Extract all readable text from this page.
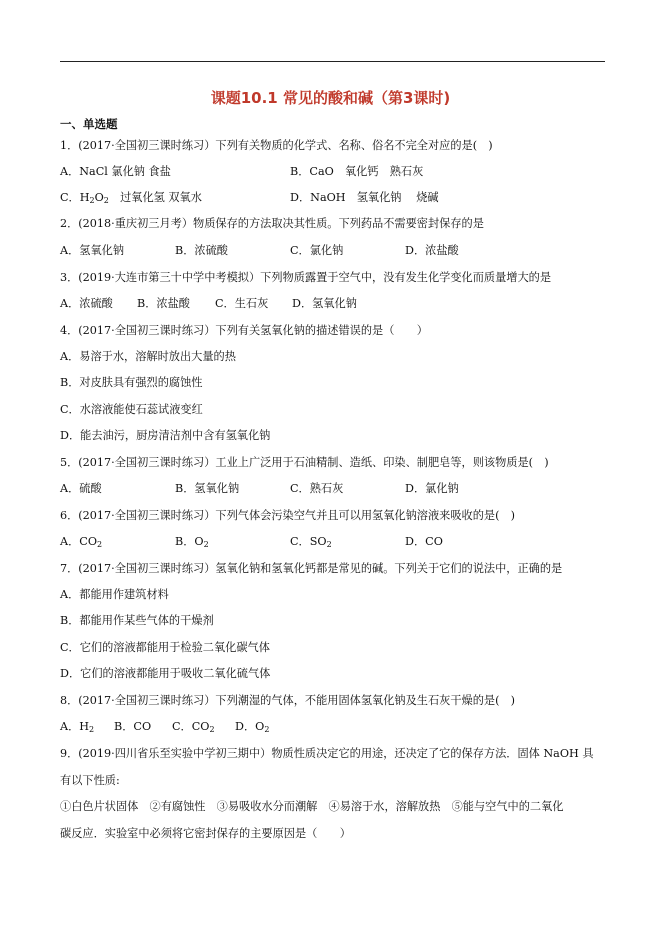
课题10.1 常见的酸和碱（第3课时)
一、单选题
1．(2017·全国初三课时练习）下列有关物质的化学式、名称、俗名不完全对应的是(　)
A．NaCl 氯化钠 食盐	B．CaO　氧化钙　熟石灰
C．$H_2O_2$　过氧化氢 双氧水	D．NaOH　氢氧化钠　 烧碱
2．(2018·重庆初三月考）物质保存的方法取决其性质。下列药品不需要密封保存的是
A．氢氧化钠	B．浓硫酸	C．氯化钠	D．浓盐酸
3．(2019·大连市第三十中学中考模拟）下列物质露置于空气中，没有发生化学变化而质量增大的是
A．浓硫酸 B．浓盐酸 C．生石灰 D．氢氧化钠
4．(2017·全国初三课时练习）下列有关氢氧化钠的描述错误的是（　　）
A．易溶于水，溶解时放出大量的热
B．对皮肤具有强烈的腐蚀性
C．水溶液能使石蕊试液变红
D．能去油污，厨房清洁剂中含有氢氧化钠
5．(2017·全国初三课时练习）工业上广泛用于石油精制、造纸、印染、制肥皂等，则该物质是(　)
A．硫酸	B．氢氧化钠	C．熟石灰	D．氯化钠
6．(2017·全国初三课时练习）下列气体会污染空气并且可以用氢氧化钠溶液来吸收的是(　)
A．$CO_2$	B．$O_2$	C．$SO_2$	D．CO
7．(2017·全国初三课时练习）氢氧化钠和氢氧化钙都是常见的碱。下列关于它们的说法中，正确的是
A．都能用作建筑材料
B．都能用作某些气体的干燥剂
C．它们的溶液都能用于检验二氧化碳气体
D．它们的溶液都能用于吸收二氧化硫气体
8．(2017·全国初三课时练习）下列潮湿的气体，不能用固体氢氧化钠及生石灰干燥的是(　)
A．$H_2$ B．CO C．$CO_2$ D．$O_2$
9．(2019·四川省乐至实验中学初三期中）物质性质决定它的用途，还决定了它的保存方法．固体 NaOH 具
有以下性质:
①白色片状固体　②有腐蚀性　③易吸收水分而潮解　④易溶于水，溶解放热　⑤能与空气中的二氧化
碳反应．实验室中必须将它密封保存的主要原因是（　　）
